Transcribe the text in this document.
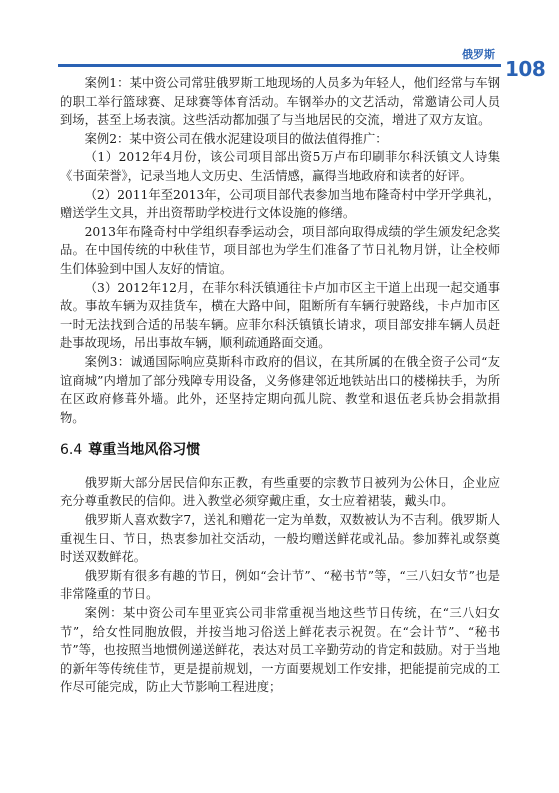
俄罗斯
108

案例1：某中资公司常驻俄罗斯工地现场的人员多为年轻人，他们经常与车钢的职工举行篮球赛、足球赛等体育活动。车钢举办的文艺活动，常邀请公司人员到场，甚至上场表演。这些活动都加强了与当地居民的交流，增进了双方友谊。

案例2：某中资公司在俄水泥建设项目的做法值得推广：

（1）2012年4月份，该公司项目部出资5万卢布印刷菲尔科沃镇文人诗集《书面荣誉》，记录当地人文历史、生活情感，赢得当地政府和读者的好评。

（2）2011年至2013年，公司项目部代表参加当地布隆奇村中学开学典礼，赠送学生文具，并出资帮助学校进行文体设施的修缮。

2013年布隆奇村中学组织春季运动会，项目部向取得成绩的学生颁发纪念奖品。在中国传统的中秋佳节，项目部也为学生们准备了节日礼物月饼，让全校师生们体验到中国人友好的情谊。

（3）2012年12月，在菲尔科沃镇通往卡卢加市区主干道上出现一起交通事故。事故车辆为双挂货车，横在大路中间，阻断所有车辆行驶路线，卡卢加市区一时无法找到合适的吊装车辆。应菲尔科沃镇镇长请求，项目部安排车辆人员赶赴事故现场，吊出事故车辆，顺利疏通路面交通。

案例3：诚通国际响应莫斯科市政府的倡议，在其所属的在俄全资子公司“友谊商城”内增加了部分残障专用设备，义务修建邻近地铁站出口的楼梯扶手，为所在区政府修葺外墙。此外，还坚持定期向孤儿院、教堂和退伍老兵协会捐款捐物。

6.4 尊重当地风俗习惯

俄罗斯大部分居民信仰东正教，有些重要的宗教节日被列为公休日，企业应充分尊重教民的信仰。进入教堂必须穿戴庄重，女士应着裙装，戴头巾。

俄罗斯人喜欢数字7，送礼和赠花一定为单数，双数被认为不吉利。俄罗斯人重视生日、节日，热衷参加社交活动，一般均赠送鲜花或礼品。参加葬礼或祭奠时送双数鲜花。

俄罗斯有很多有趣的节日，例如“会计节”、“秘书节”等，“三八妇女节”也是非常隆重的节日。

案例：某中资公司车里亚宾公司非常重视当地这些节日传统，在“三八妇女节”，给女性同胞放假，并按当地习俗送上鲜花表示祝贺。在“会计节”、“秘书节”等，也按照当地惯例递送鲜花，表达对员工辛勤劳动的肯定和鼓励。对于当地的新年等传统佳节，更是提前规划，一方面要规划工作安排，把能提前完成的工作尽可能完成，防止大节影响工程进度；
